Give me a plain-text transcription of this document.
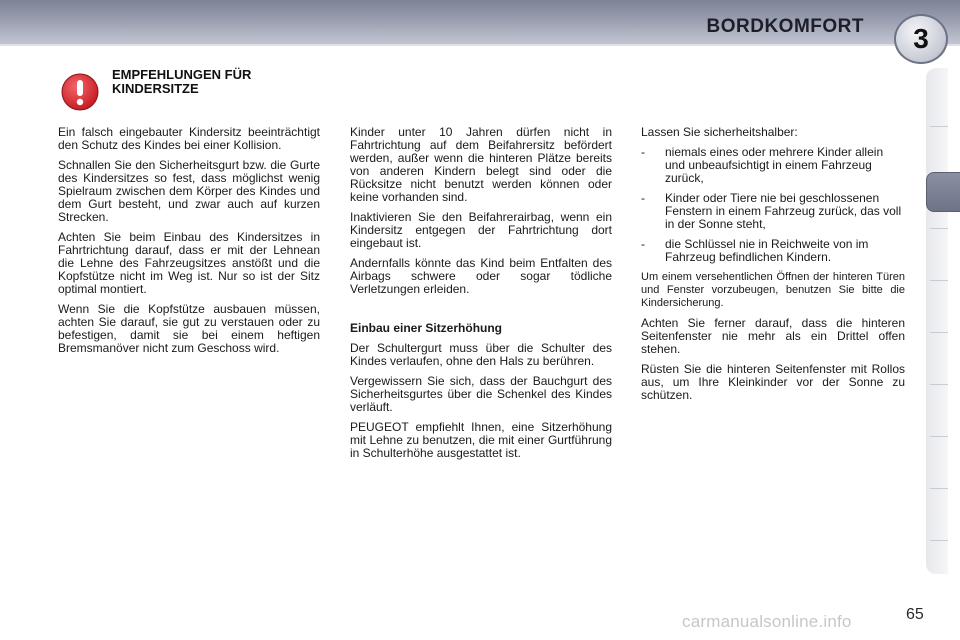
BORDKOMFORT	3
EMPFEHLUNGEN FÜR
KINDERSITZE

Ein falsch eingebauter Kindersitz beeinträchtigt den Schutz des Kindes bei einer Kollision.

Schnallen Sie den Sicherheitsgurt bzw. die Gurte des Kindersitzes so fest, dass möglichst wenig Spielraum zwischen dem Körper des Kindes und dem Gurt besteht, und zwar auch auf kurzen Strecken.

Achten Sie beim Einbau des Kindersitzes in Fahrtrichtung darauf, dass er mit der Lehnean die Lehne des Fahrzeugsitzes anstößt und die Kopfstütze nicht im Weg ist. Nur so ist der Sitz optimal montiert.

Wenn Sie die Kopfstütze ausbauen müssen, achten Sie darauf, sie gut zu verstauen oder zu befestigen, damit sie bei einem heftigen Bremsmanöver nicht zum Geschoss wird.

Kinder unter 10 Jahren dürfen nicht in Fahrtrichtung auf dem Beifahrersitz befördert werden, außer wenn die hinteren Plätze bereits von anderen Kindern belegt sind oder die Rücksitze nicht benutzt werden können oder keine vorhanden sind.

Inaktivieren Sie den Beifahrerairbag, wenn ein Kindersitz entgegen der Fahrtrichtung dort eingebaut ist.

Andernfalls könnte das Kind beim Entfalten des Airbags schwere oder sogar tödliche Verletzungen erleiden.

Einbau einer Sitzerhöhung

Der Schultergurt muss über die Schulter des Kindes verlaufen, ohne den Hals zu berühren.

Vergewissern Sie sich, dass der Bauchgurt des Sicherheitsgurtes über die Schenkel des Kindes verläuft.

PEUGEOT empfiehlt Ihnen, eine Sitzerhöhung mit Lehne zu benutzen, die mit einer Gurtführung in Schulterhöhe ausgestattet ist.

Lassen Sie sicherheitshalber:

-	niemals eines oder mehrere Kinder allein und unbeaufsichtigt in einem Fahrzeug zurück,
-	Kinder oder Tiere nie bei geschlossenen Fenstern in einem Fahrzeug zurück, das voll in der Sonne steht,
-	die Schlüssel nie in Reichweite von im Fahrzeug befindlichen Kindern.

Um einem versehentlichen Öffnen der hinteren Türen und Fenster vorzubeugen, benutzen Sie bitte die Kindersicherung.

Achten Sie ferner darauf, dass die hinteren Seitenfenster nie mehr als ein Drittel offen stehen.

Rüsten Sie die hinteren Seitenfenster mit Rollos aus, um Ihre Kleinkinder vor der Sonne zu schützen.

carmanualsonline.info	65
